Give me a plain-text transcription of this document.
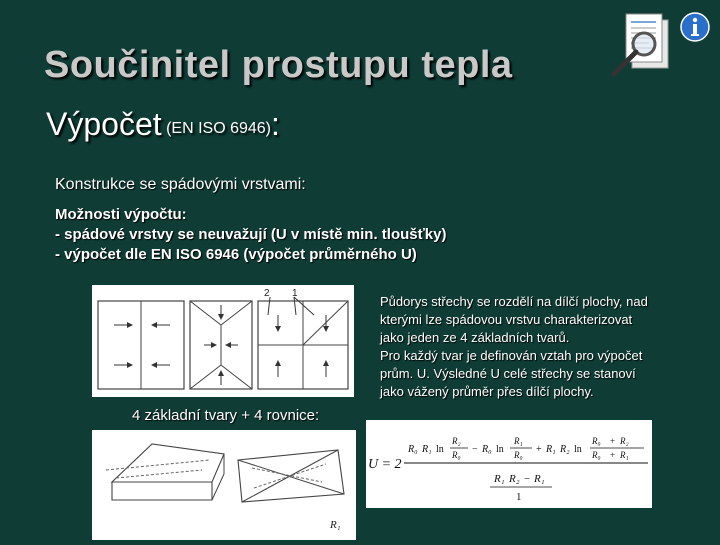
Součinitel prostupu tepla
Výpočet (EN ISO 6946):
Konstrukce se spádovými vrstvami:
Možnosti výpočtu:
- spádové vrstvy se neuvažují (U v místě min. tloušťky)
- výpočet dle EN ISO 6946 (výpočet průměrného U)
2 1
Půdorys střechy se rozdělí na dílčí plochy, nad
kterými lze spádovou vrstvu charakterizovat
jako jeden ze 4 základních tvarů.
Pro každý tvar je definován vztah pro výpočet
prům. U. Výsledné U celé střechy se stanoví
jako vážený průměr přes dílčí plochy.
4 základní tvary + 4 rovnice:
R₁
U = 2
R₀ R₁ ln
R₂
R₀ − R₀ ln
R₁
R₀ + R₁ R₂ ln
R₀ + R₂
R₀ + R₁
R₁ R₂ − R₁
1
